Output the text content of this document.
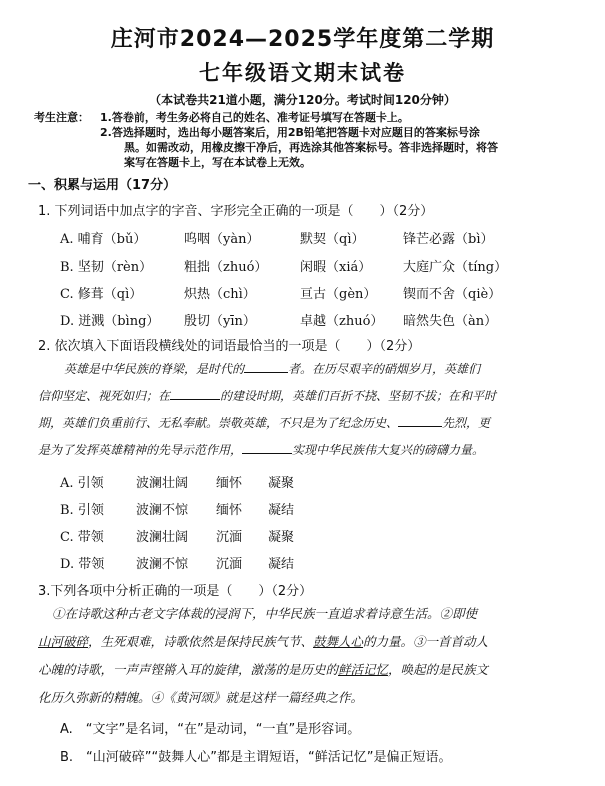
庄河市2024—2025学年度第二学期
七年级语文期末试卷
（本试卷共21道小题，满分120分。考试时间120分钟）
考生注意： 1.答卷前，考生务必将自己的姓名、准考证号填写在答题卡上。
2.答选择题时，选出每小题答案后，用2B铅笔把答题卡对应题目的答案标号涂
黑。如需改动，用橡皮擦干净后，再选涂其他答案标号。答非选择题时，将答
案写在答题卡上，写在本试卷上无效。
一、积累与运用（17分）
1. 下列词语中加点字的字音、字形完全正确的一项是（　　）（2分）
A. 哺育（bǔ）	呜咽（yàn）	默契（qì）	锋芒必露（bì）
B. 坚韧（rèn） 粗拙（zhuó）	闲暇（xiá） 大庭广众（tíng）
C. 修葺（qì）	炽热（chì）	亘古（gèn） 锲而不舍（qiè）
D. 迸溅（bìng） 殷切（yīn）	卓越（zhuó） 暗然失色（àn）
2. 依次填入下面语段横线处的词语最恰当的一项是（　　）（2分）
英雄是中华民族的脊梁，是时代的	者。在历尽艰辛的硝烟岁月，英雄们
信仰坚定、视死如归；在	的建设时期，英雄们百折不挠、坚韧不拔；在和平时
期，英雄们负重前行、无私奉献。崇敬英雄，不只是为了纪念历史、	先烈，更
是为了发挥英雄精神的先导示范作用，	实现中华民族伟大复兴的磅礴力量。
A. 引领 波澜壮阔 缅怀 凝聚
B. 引领 波澜不惊 缅怀 凝结
C. 带领 波澜壮阔 沉湎 凝聚
D. 带领 波澜不惊 沉湎 凝结
3.下列各项中分析正确的一项是（　　）（2分）
①在诗歌这种古老文字体裁的浸润下，中华民族一直追求着诗意生活。②即使
山河破碎，生死艰难，诗歌依然是保持民族气节、鼓舞人心的力量。③一首首动人
心魄的诗歌，一声声铿锵入耳的旋律，激荡的是历史的鲜活记忆，唤起的是民族文
化历久弥新的精魄。④《黄河颂》就是这样一篇经典之作。
A.　“文字”是名词，“在”是动词，“一直”是形容词。
B.　“山河破碎”“鼓舞人心”都是主谓短语，“鲜活记忆”是偏正短语。
